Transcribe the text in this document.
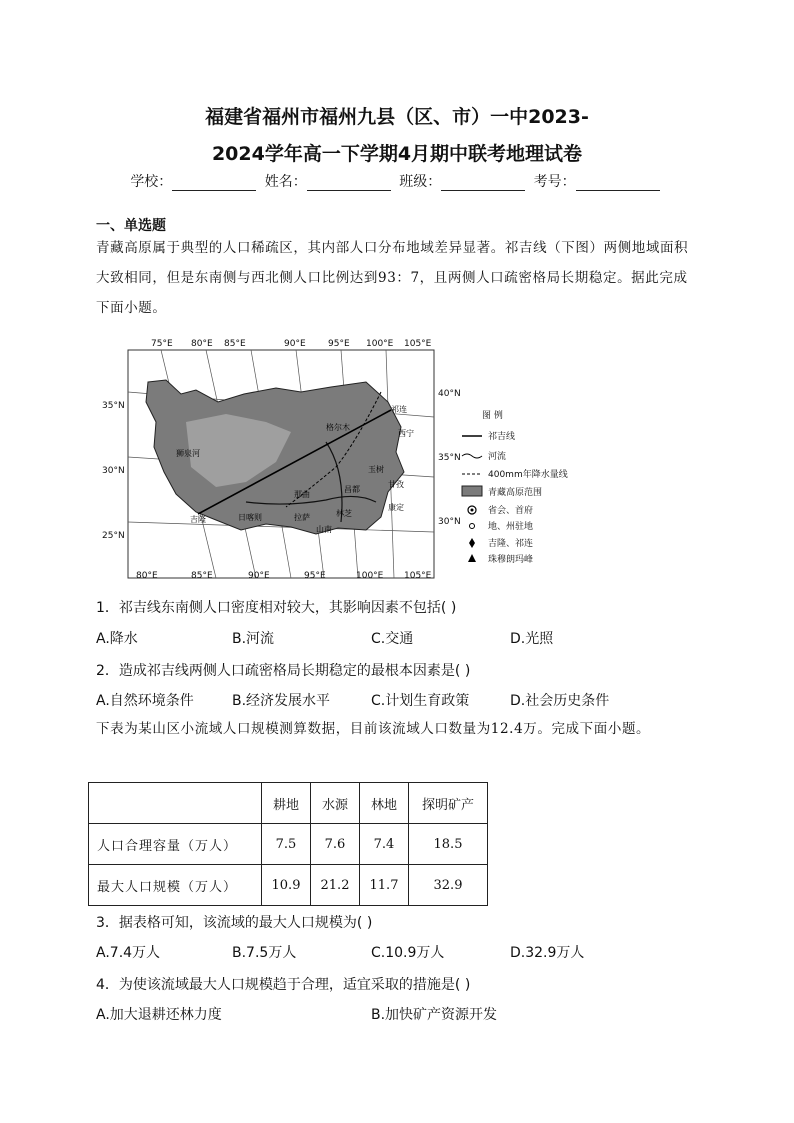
福建省福州市福州九县（区、市）一中2023-
2024学年高一下学期4月期中联考地理试卷
学校：	姓名：	班级：	考号：
一、单选题
青藏高原属于典型的人口稀疏区，其内部人口分布地域差异显著。祁吉线（下图）两侧地域面积大致相同，但是东南侧与西北侧人口比例达到93：7，且两侧人口疏密格局长期稳定。据此完成下面小题。
75°E 80°E 85°E	90°E 95°E 100°E 105°E
80°E	85°E	90°E	95°E	100°E 105°E
35°N
30°N
25°N
40°N
35°N
30°N
祁连
西宁
吉隆	拉萨
日喀则
那曲
昌都
林芝
狮泉河
格尔木
玉树
甘孜
康定
山南
图 例
祁吉线
河流
400mm年降水量线
青藏高原范围
省会、首府
地、州驻地
吉隆、祁连
珠穆朗玛峰
1．祁吉线东南侧人口密度相对较大，其影响因素不包括( )
A.降水	B.河流	C.交通	D.光照
2．造成祁吉线两侧人口疏密格局长期稳定的最根本因素是( )
A.自然环境条件	B.经济发展水平	C.计划生育政策	D.社会历史条件
下表为某山区小流域人口规模测算数据，目前该流域人口数量为12.4万。完成下面小题。
	耕地	水源	林地	探明矿产
人口合理容量（万人）	7.5	7.6	7.4	18.5
最大人口规模（万人）	10.9	21.2	11.7	32.9
3．据表格可知，该流域的最大人口规模为( )
A.7.4万人	B.7.5万人	C.10.9万人	D.32.9万人
4．为使该流域最大人口规模趋于合理，适宜采取的措施是( )
A.加大退耕还林力度	B.加快矿产资源开发
